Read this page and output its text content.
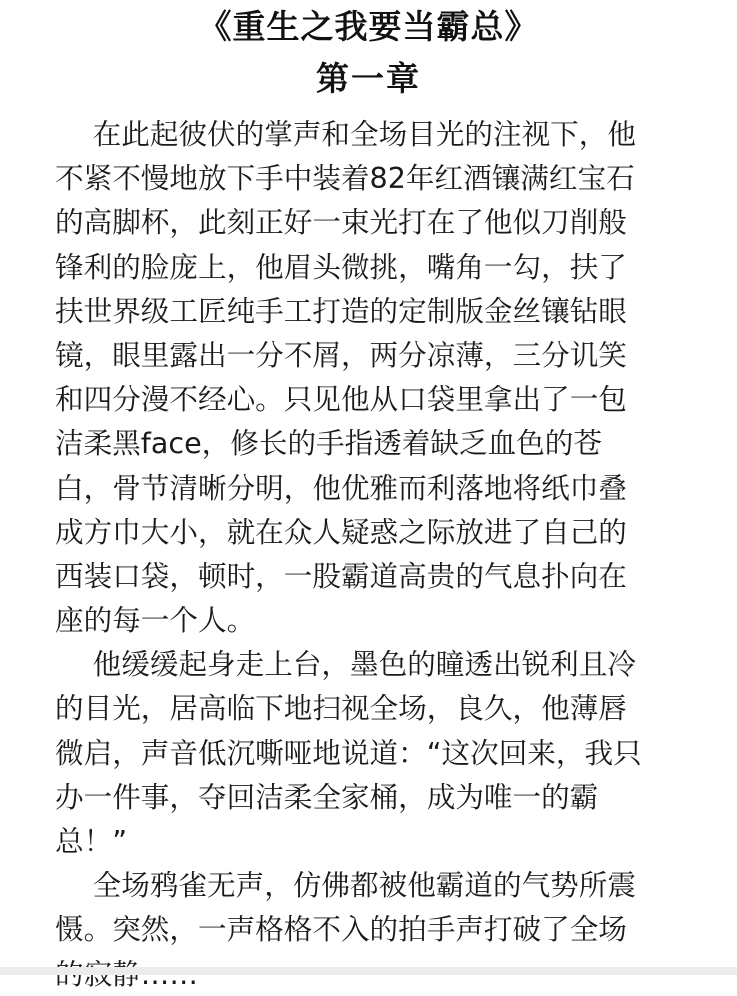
《重生之我要当霸总》
第一章
　 在此起彼伏的掌声和全场目光的注视下，他
不紧不慢地放下手中装着82年红酒镶满红宝石
的高脚杯，此刻正好一束光打在了他似刀削般
锋利的脸庞上，他眉头微挑，嘴角一勾，扶了
扶世界级工匠纯手工打造的定制版金丝镶钻眼
镜，眼里露出一分不屑，两分凉薄，三分讥笑
和四分漫不经心。只见他从口袋里拿出了一包
洁柔黑face，修长的手指透着缺乏血色的苍
白，骨节清晰分明，他优雅而利落地将纸巾叠
成方巾大小，就在众人疑惑之际放进了自己的
西装口袋，顿时，一股霸道高贵的气息扑向在
座的每一个人。
　 他缓缓起身走上台，墨色的瞳透出锐利且冷
的目光，居高临下地扫视全场，良久，他薄唇
微启，声音低沉嘶哑地说道：“这次回来，我只
办一件事，夺回洁柔全家桶，成为唯一的霸
总！”
　 全场鸦雀无声，仿佛都被他霸道的气势所震
慑。突然，一声格格不入的拍手声打破了全场
